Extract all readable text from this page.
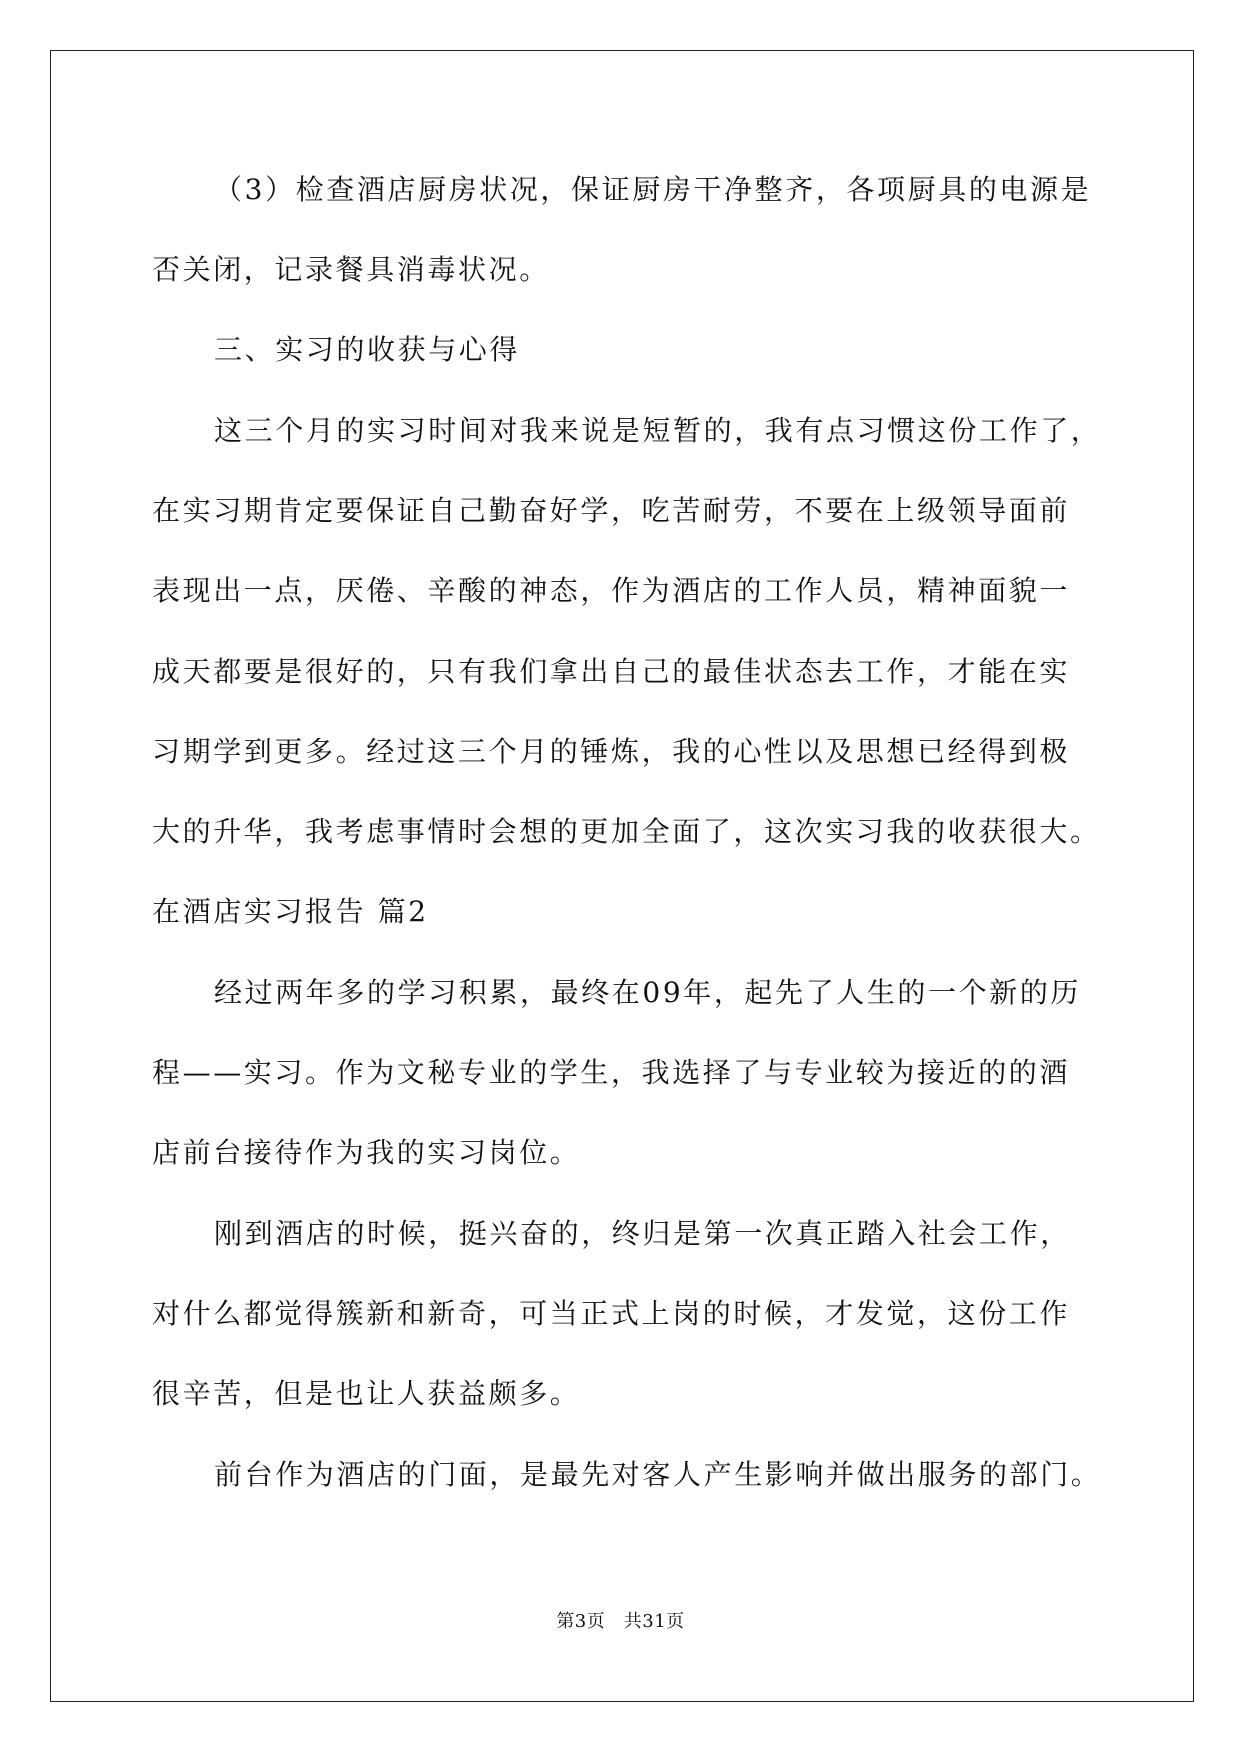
（3）检查酒店厨房状况，保证厨房干净整齐，各项厨具的电源是
否关闭，记录餐具消毒状况。
三、实习的收获与心得
这三个月的实习时间对我来说是短暂的，我有点习惯这份工作了，
在实习期肯定要保证自己勤奋好学，吃苦耐劳，不要在上级领导面前
表现出一点，厌倦、辛酸的神态，作为酒店的工作人员，精神面貌一
成天都要是很好的，只有我们拿出自己的最佳状态去工作，才能在实
习期学到更多。经过这三个月的锤炼，我的心性以及思想已经得到极
大的升华，我考虑事情时会想的更加全面了，这次实习我的收获很大。
在酒店实习报告 篇2
经过两年多的学习积累，最终在09年，起先了人生的一个新的历
程——实习。作为文秘专业的学生，我选择了与专业较为接近的的酒
店前台接待作为我的实习岗位。
刚到酒店的时候，挺兴奋的，终归是第一次真正踏入社会工作，
对什么都觉得簇新和新奇，可当正式上岗的时候，才发觉，这份工作
很辛苦，但是也让人获益颇多。
前台作为酒店的门面，是最先对客人产生影响并做出服务的部门。
第3页　共31页
